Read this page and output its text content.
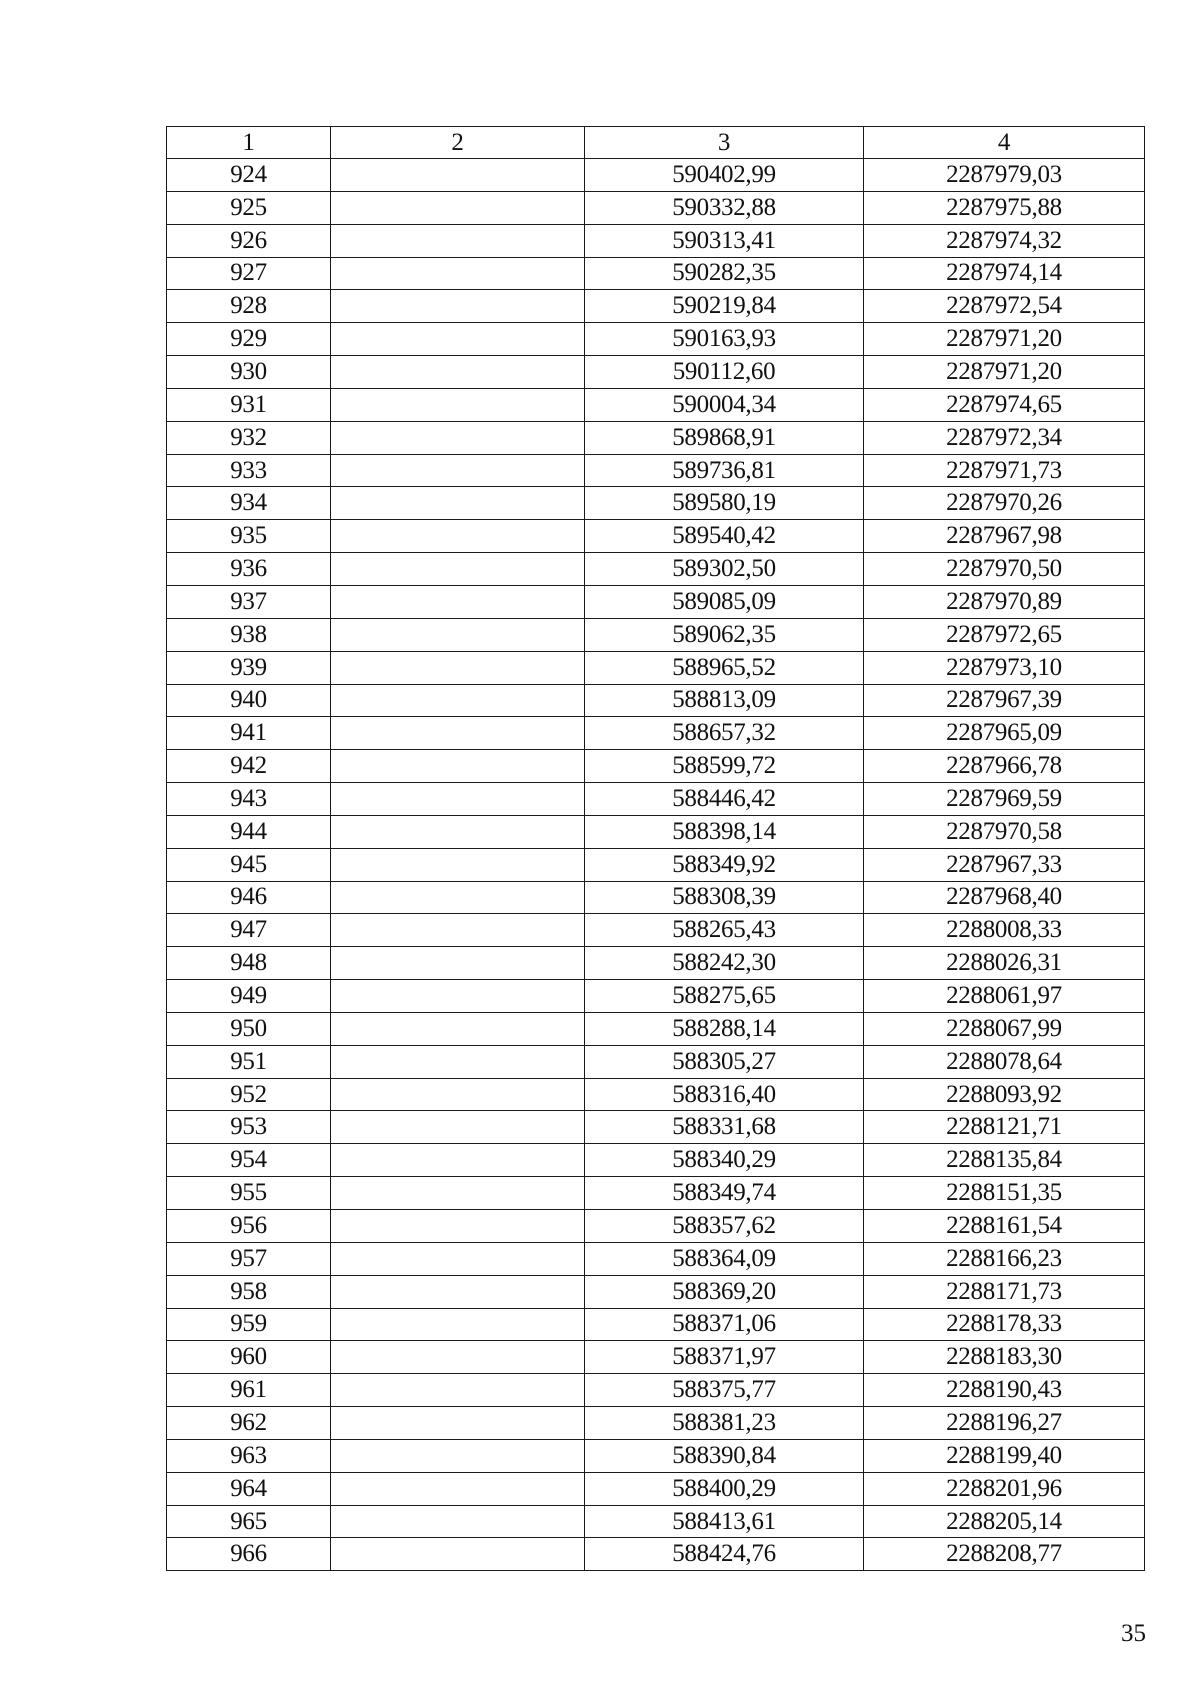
1	2	3	4
924		590402,99	2287979,03
925		590332,88	2287975,88
926		590313,41	2287974,32
927		590282,35	2287974,14
928		590219,84	2287972,54
929		590163,93	2287971,20
930		590112,60	2287971,20
931		590004,34	2287974,65
932		589868,91	2287972,34
933		589736,81	2287971,73
934		589580,19	2287970,26
935		589540,42	2287967,98
936		589302,50	2287970,50
937		589085,09	2287970,89
938		589062,35	2287972,65
939		588965,52	2287973,10
940		588813,09	2287967,39
941		588657,32	2287965,09
942		588599,72	2287966,78
943		588446,42	2287969,59
944		588398,14	2287970,58
945		588349,92	2287967,33
946		588308,39	2287968,40
947		588265,43	2288008,33
948		588242,30	2288026,31
949		588275,65	2288061,97
950		588288,14	2288067,99
951		588305,27	2288078,64
952		588316,40	2288093,92
953		588331,68	2288121,71
954		588340,29	2288135,84
955		588349,74	2288151,35
956		588357,62	2288161,54
957		588364,09	2288166,23
958		588369,20	2288171,73
959		588371,06	2288178,33
960		588371,97	2288183,30
961		588375,77	2288190,43
962		588381,23	2288196,27
963		588390,84	2288199,40
964		588400,29	2288201,96
965		588413,61	2288205,14
966		588424,76	2288208,77
35
